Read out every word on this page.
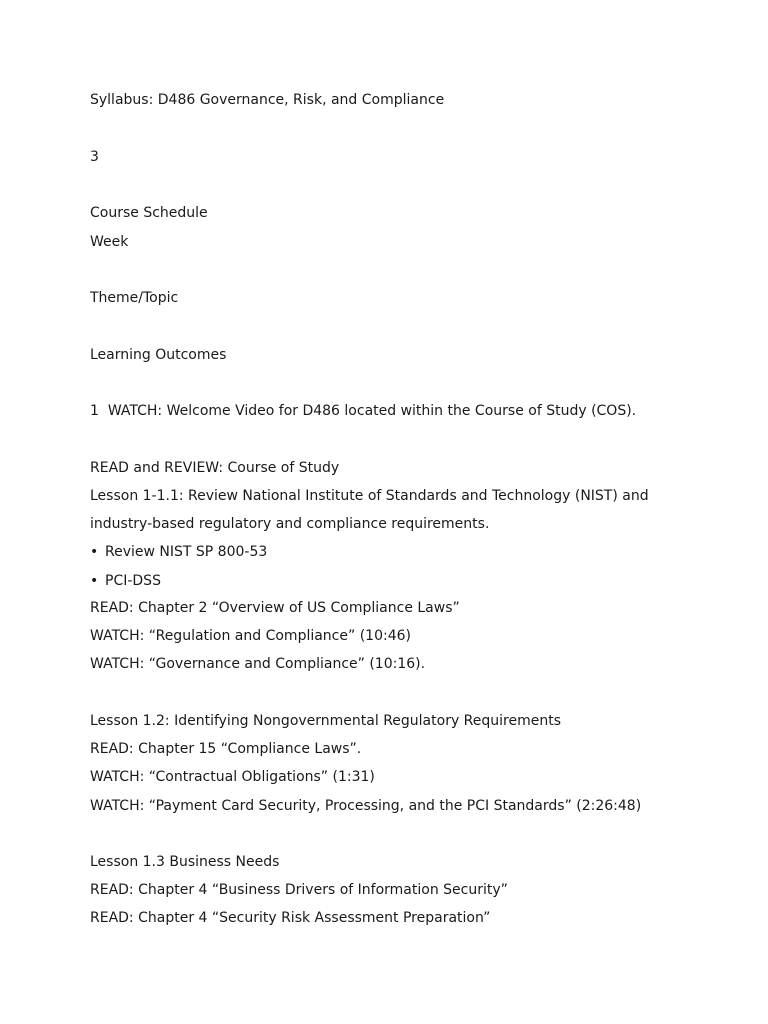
Syllabus: D486 Governance, Risk, and Compliance

3

Course Schedule

Week

Theme/Topic

Learning Outcomes

1 WATCH: Welcome Video for D486 located within the Course of Study (COS).

READ and REVIEW: Course of Study

Lesson 1-1.1: Review National Institute of Standards and Technology (NIST) and

industry-based regulatory and compliance requirements.

• Review NIST SP 800-53

• PCI-DSS

READ: Chapter 2 “Overview of US Compliance Laws”

WATCH: “Regulation and Compliance” (10:46)

WATCH: “Governance and Compliance” (10:16).

Lesson 1.2: Identifying Nongovernmental Regulatory Requirements

READ: Chapter 15 “Compliance Laws”.

WATCH: “Contractual Obligations” (1:31)

WATCH: “Payment Card Security, Processing, and the PCI Standards” (2:26:48)

Lesson 1.3 Business Needs

READ: Chapter 4 “Business Drivers of Information Security”

READ: Chapter 4 “Security Risk Assessment Preparation”
